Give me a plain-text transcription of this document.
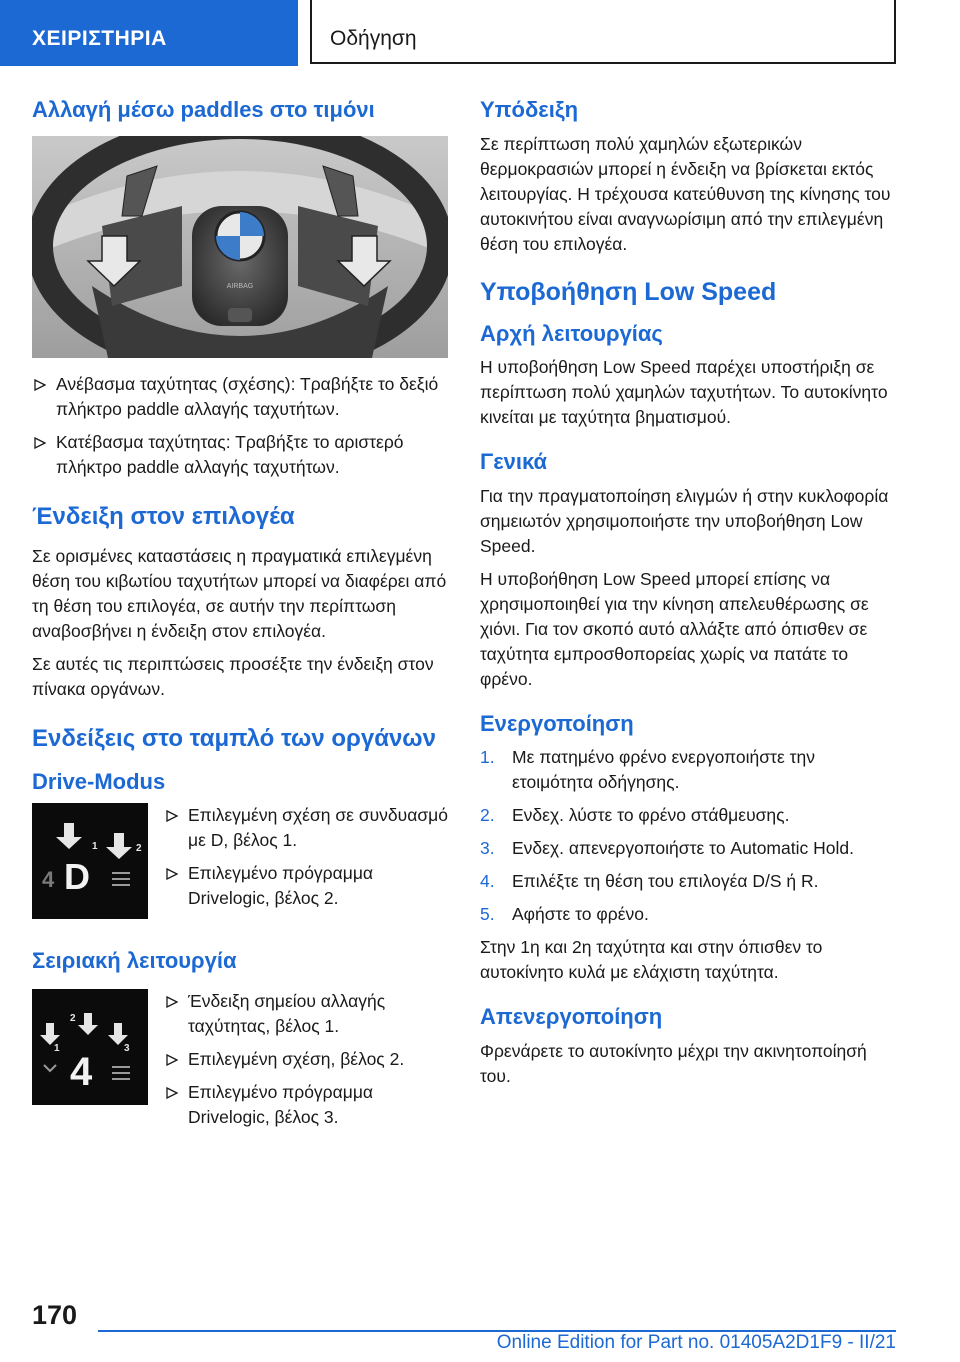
ΧΕΙΡΙΣΤΗΡΙΑ	Οδήγηση
Αλλαγή μέσω paddles στο τιμόνι
AIRBAG
Ανέβασμα ταχύτητας (σχέσης): Τραβήξτε το δεξιό πλήκτρο paddle αλλαγής ταχυτήτων.
Κατέβασμα ταχύτητας: Τραβήξτε το αριστερό πλήκτρο paddle αλλαγής ταχυτήτων.
Ένδειξη στον επιλογέα
Σε ορισμένες καταστάσεις η πραγματικά επιλεγμένη θέση του κιβωτίου ταχυτήτων μπορεί να διαφέρει από τη θέση του επιλογέα, σε αυτήν την περίπτωση αναβοσβήνει η ένδειξη στον επιλογέα.
Σε αυτές τις περιπτώσεις προσέξτε την ένδειξη στον πίνακα οργάνων.
Ενδείξεις στο ταμπλό των οργάνων
Drive-Modus
1	2
4 D
Επιλεγμένη σχέση σε συνδυασμό με D, βέλος 1.
Επιλεγμένο πρόγραμμα Drivelogic, βέλος 2.
Σειριακή λειτουργία
1
2
3
4
Ένδειξη σημείου αλλαγής ταχύτητας, βέλος 1.
Επιλεγμένη σχέση, βέλος 2.
Επιλεγμένο πρόγραμμα Drivelogic, βέλος 3.
Υπόδειξη
Σε περίπτωση πολύ χαμηλών εξωτερικών θερμοκρασιών μπορεί η ένδειξη να βρίσκεται εκτός λειτουργίας. Η τρέχουσα κατεύθυνση της κίνησης του αυτοκινήτου είναι αναγνωρίσιμη από την επιλεγμένη θέση του επιλογέα.
Υποβοήθηση Low Speed
Αρχή λειτουργίας
Η υποβοήθηση Low Speed παρέχει υποστήριξη σε περίπτωση πολύ χαμηλών ταχυτήτων. Το αυτοκίνητο κινείται με ταχύτητα βηματισμού.
Γενικά
Για την πραγματοποίηση ελιγμών ή στην κυκλοφορία σημειωτόν χρησιμοποιήστε την υποβοήθηση Low Speed.
Η υποβοήθηση Low Speed μπορεί επίσης να χρησιμοποιηθεί για την κίνηση απελευθέρωσης σε χιόνι. Για τον σκοπό αυτό αλλάξτε από όπισθεν σε ταχύτητα εμπροσθοπορείας χωρίς να πατάτε το φρένο.
Ενεργοποίηση
1. Με πατημένο φρένο ενεργοποιήστε την ετοιμότητα οδήγησης.
2. Ενδεχ. λύστε το φρένο στάθμευσης.
3. Ενδεχ. απενεργοποιήστε το Automatic Hold.
4. Επιλέξτε τη θέση του επιλογέα D/S ή R.
5. Αφήστε το φρένο.
Στην 1η και 2η ταχύτητα και στην όπισθεν το αυτοκίνητο κυλά με ελάχιστη ταχύτητα.
Απενεργοποίηση
Φρενάρετε το αυτοκίνητο μέχρι την ακινητοποίησή του.
170
Online Edition for Part no. 01405A2D1F9 - II/21
